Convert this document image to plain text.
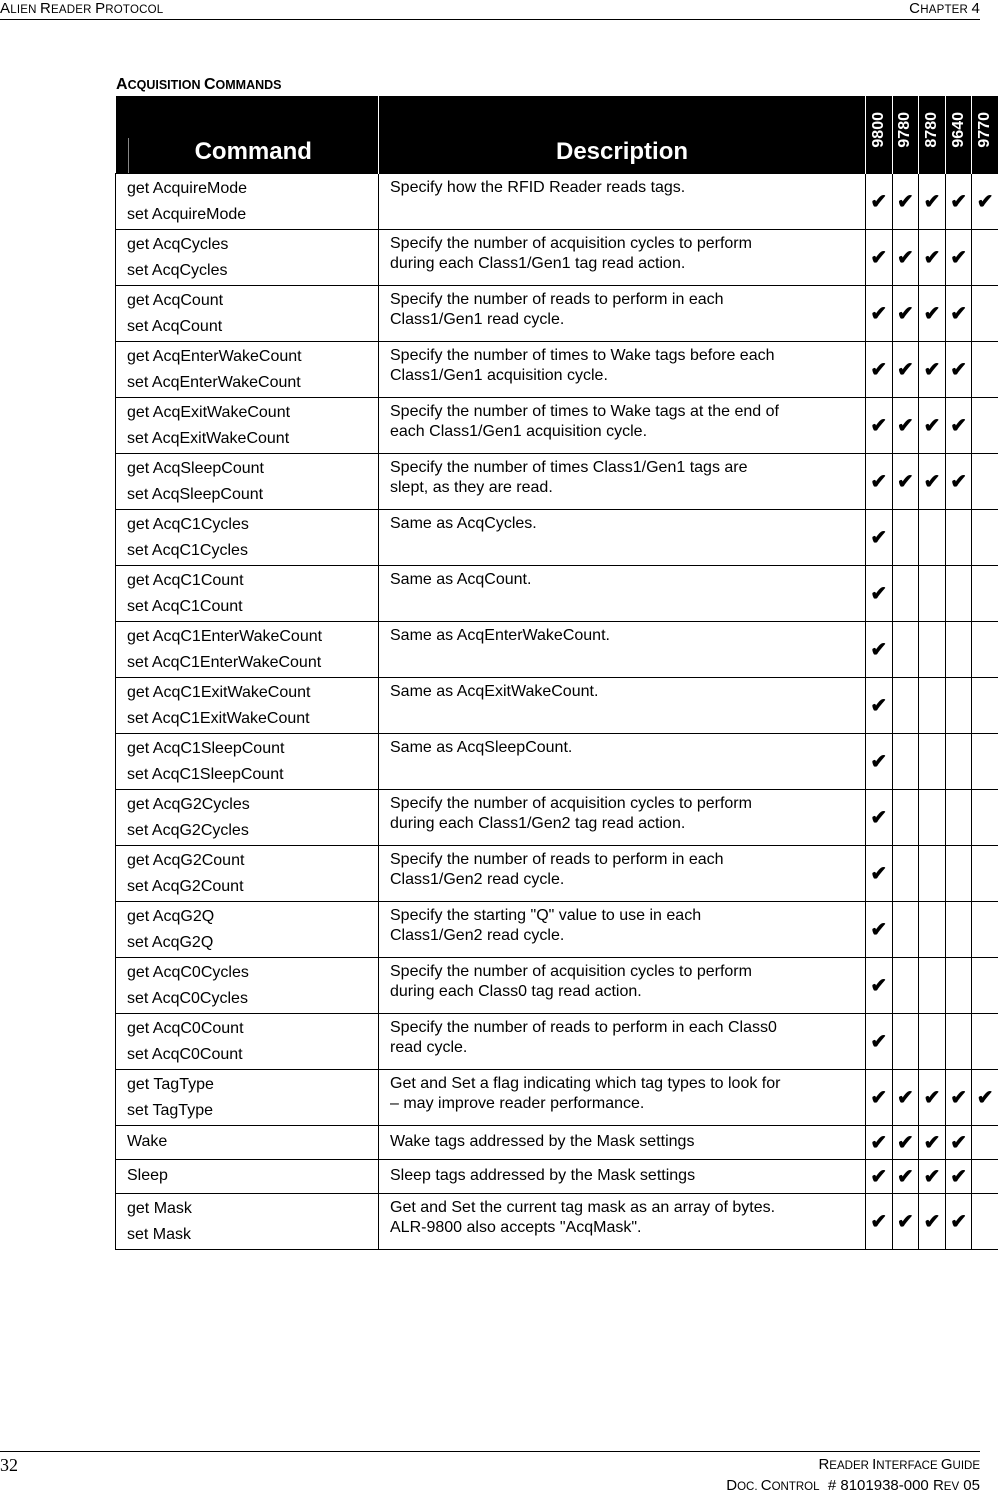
ALIEN READER PROTOCOL	CHAPTER 4
ACQUISITION COMMANDS
Command	Description	9800	9780	8780	9640	9770

get AcquireMode
set AcquireMode	Specify how the RFID Reader reads tags.	✔	✔	✔	✔	✔

get AcqCycles
set AcqCycles	Specify the number of acquisition cycles to perform
during each Class1/Gen1 tag read action.	✔	✔	✔	✔	

get AcqCount
set AcqCount	Specify the number of reads to perform in each
Class1/Gen1 read cycle.	✔	✔	✔	✔	

get AcqEnterWakeCount
set AcqEnterWakeCount	Specify the number of times to Wake tags before each
Class1/Gen1 acquisition cycle.	✔	✔	✔	✔	

get AcqExitWakeCount
set AcqExitWakeCount	Specify the number of times to Wake tags at the end of
each Class1/Gen1 acquisition cycle.	✔	✔	✔	✔	

get AcqSleepCount
set AcqSleepCount	Specify the number of times Class1/Gen1 tags are
slept, as they are read.	✔	✔	✔	✔	

get AcqC1Cycles
set AcqC1Cycles	Same as AcqCycles.	✔				

get AcqC1Count
set AcqC1Count	Same as AcqCount.	✔				

get AcqC1EnterWakeCount
set AcqC1EnterWakeCount	Same as AcqEnterWakeCount.	✔				

get AcqC1ExitWakeCount
set AcqC1ExitWakeCount	Same as AcqExitWakeCount.	✔				

get AcqC1SleepCount
set AcqC1SleepCount	Same as AcqSleepCount.	✔				

get AcqG2Cycles
set AcqG2Cycles	Specify the number of acquisition cycles to perform
during each Class1/Gen2 tag read action.	✔				

get AcqG2Count
set AcqG2Count	Specify the number of reads to perform in each
Class1/Gen2 read cycle.	✔				

get AcqG2Q
set AcqG2Q	Specify the starting "Q" value to use in each
Class1/Gen2 read cycle.	✔				

get AcqC0Cycles
set AcqC0Cycles	Specify the number of acquisition cycles to perform
during each Class0 tag read action.	✔				

get AcqC0Count
set AcqC0Count	Specify the number of reads to perform in each Class0
read cycle.	✔				

get TagType
set TagType	Get and Set a flag indicating which tag types to look for
– may improve reader performance.	✔	✔	✔	✔	✔

Wake	Wake tags addressed by the Mask settings	✔	✔	✔	✔	

Sleep	Sleep tags addressed by the Mask settings	✔	✔	✔	✔	

get Mask
set Mask	Get and Set the current tag mask as an array of bytes.
ALR-9800 also accepts "AcqMask".	✔	✔	✔	✔	
32	READER INTERFACE GUIDE
DOC. CONTROL  # 8101938-000 REV 05
